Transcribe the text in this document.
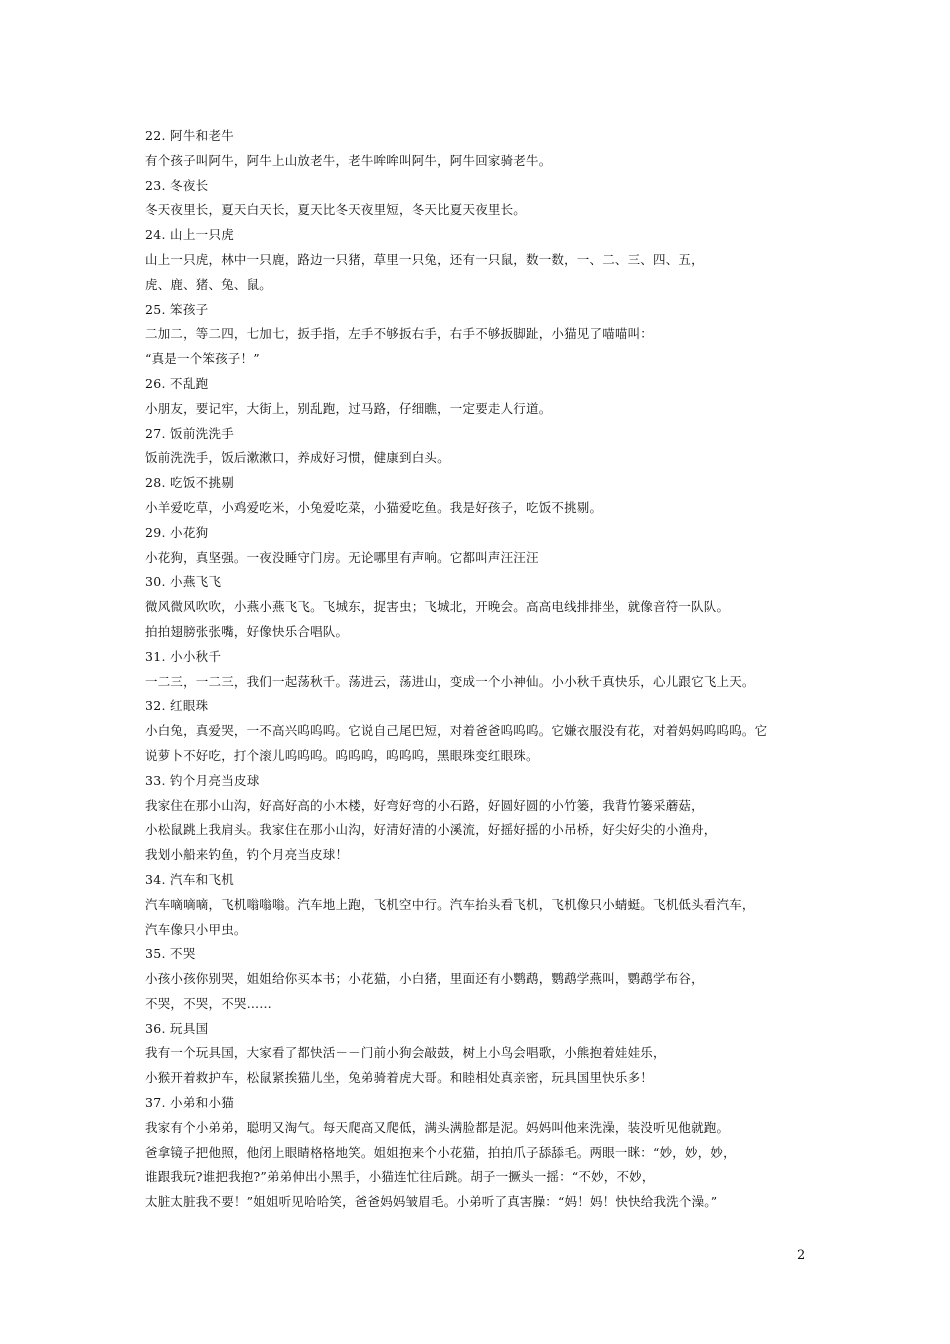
22. 阿牛和老牛
有个孩子叫阿牛，阿牛上山放老牛，老牛哞哞叫阿牛，阿牛回家骑老牛。
23. 冬夜长
冬天夜里长，夏天白天长，夏天比冬天夜里短，冬天比夏天夜里长。
24. 山上一只虎
山上一只虎，林中一只鹿，路边一只猪，草里一只兔，还有一只鼠，数一数，一、二、三、四、五，
虎、鹿、猪、兔、鼠。
25. 笨孩子
二加二，等二四，七加七，扳手指，左手不够扳右手，右手不够扳脚趾，小猫见了喵喵叫：
“真是一个笨孩子！”
26. 不乱跑
小朋友，要记牢，大街上，别乱跑，过马路，仔细瞧，一定要走人行道。
27. 饭前洗洗手
饭前洗洗手，饭后漱漱口，养成好习惯，健康到白头。
28. 吃饭不挑剔
小羊爱吃草，小鸡爱吃米，小兔爱吃菜，小猫爱吃鱼。我是好孩子，吃饭不挑剔。
29. 小花狗
小花狗，真坚强。一夜没睡守门房。无论哪里有声响。它都叫声汪汪汪
30. 小燕飞飞
微风微风吹吹，小燕小燕飞飞。飞城东，捉害虫；飞城北，开晚会。高高电线排排坐，就像音符一队队。
拍拍翅膀张张嘴，好像快乐合唱队。
31. 小小秋千
一二三，一二三，我们一起荡秋千。荡进云，荡进山，变成一个小神仙。小小秋千真快乐，心儿跟它飞上天。
32. 红眼珠
小白兔，真爱哭，一不高兴呜呜呜。它说自己尾巴短，对着爸爸呜呜呜。它嫌衣服没有花，对着妈妈呜呜呜。它
说萝卜不好吃，打个滚儿呜呜呜。呜呜呜，呜呜呜，黑眼珠变红眼珠。
33. 钓个月亮当皮球
我家住在那小山沟，好高好高的小木楼，好弯好弯的小石路，好圆好圆的小竹篓，我背竹篓采蘑菇，
小松鼠跳上我肩头。我家住在那小山沟，好清好清的小溪流，好摇好摇的小吊桥，好尖好尖的小渔舟，
我划小船来钓鱼，钓个月亮当皮球！
34. 汽车和飞机
汽车嘀嘀嘀，飞机嗡嗡嗡。汽车地上跑，飞机空中行。汽车抬头看飞机，飞机像只小蜻蜓。飞机低头看汽车，
汽车像只小甲虫。
35. 不哭
小孩小孩你别哭，姐姐给你买本书；小花猫，小白猪，里面还有小鹦鹉，鹦鹉学燕叫，鹦鹉学布谷，
不哭，不哭，不哭……
36. 玩具国
我有一个玩具国，大家看了都快活－－门前小狗会敲鼓，树上小鸟会唱歌，小熊抱着娃娃乐，
小猴开着救护车，松鼠紧挨猫儿坐，兔弟骑着虎大哥。和睦相处真亲密，玩具国里快乐多！
37. 小弟和小猫
我家有个小弟弟，聪明又淘气。每天爬高又爬低，满头满脸都是泥。妈妈叫他来洗澡，装没听见他就跑。
爸拿镜子把他照，他闭上眼睛格格地笑。姐姐抱来个小花猫，拍拍爪子舔舔毛。两眼一眯：“妙，妙，妙，
谁跟我玩?谁把我抱?”弟弟伸出小黑手，小猫连忙往后跳。胡子一撅头一摇：“不妙，不妙，
太脏太脏我不要！”姐姐听见哈哈笑，爸爸妈妈皱眉毛。小弟听了真害臊：“妈！妈！快快给我洗个澡。”
2
